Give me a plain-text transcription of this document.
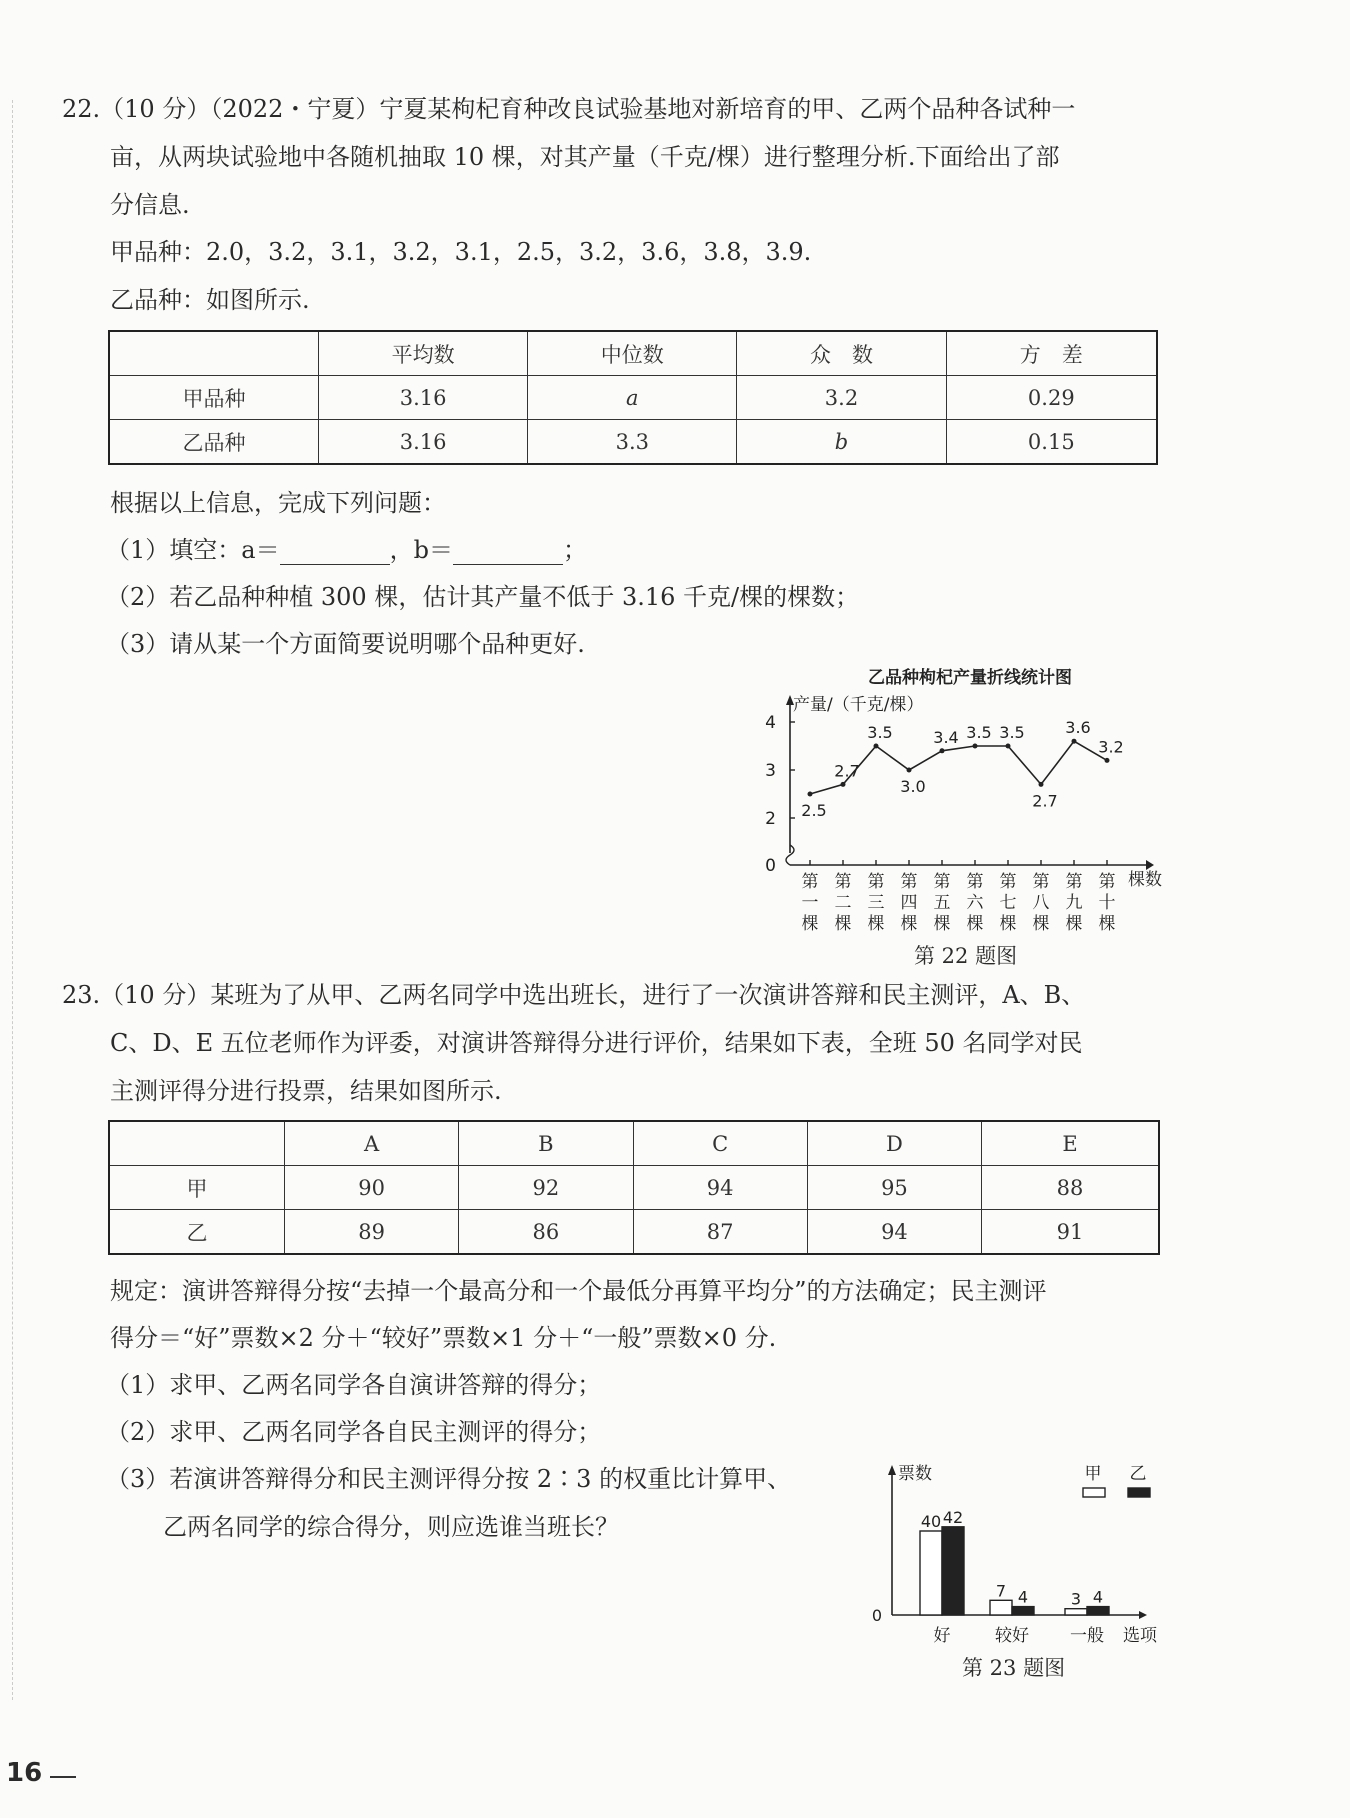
22.（10 分）（2022・宁夏）宁夏某枸杞育种改良试验基地对新培育的甲、乙两个品种各试种一
亩，从两块试验地中各随机抽取 10 棵，对其产量（千克/棵）进行整理分析.下面给出了部
分信息.
甲品种：2.0，3.2，3.1，3.2，3.1，2.5，3.2，3.6，3.8，3.9.
乙品种：如图所示.
	平均数	中位数	众　数	方　差
甲品种	3.16	a	3.2	0.29
乙品种	3.16	3.3	b	0.15
根据以上信息，完成下列问题：
（1）填空：a＝	，b＝	；
（2）若乙品种种植 300 棵，估计其产量不低于 3.16 千克/棵的棵数；
（3）请从某一个方面简要说明哪个品种更好.
乙品种枸杞产量折线统计图
产量/（千克/棵）
棵数
0
2
3
4
2.5
第
一
棵
2.7
第
二
棵
3.5
第
三
棵
3.0
第
四
棵
3.4
第
五
棵
3.5
第
六
棵
3.5
第
七
棵
2.7
第
八
棵
3.6
第
九
棵
3.2
第
十
棵
第 22 题图
23.（10 分）某班为了从甲、乙两名同学中选出班长，进行了一次演讲答辩和民主测评，A、B、
C、D、E 五位老师作为评委，对演讲答辩得分进行评价，结果如下表，全班 50 名同学对民
主测评得分进行投票，结果如图所示.
	A	B	C	D	E
甲	90	92	94	95	88
乙	89	86	87	94	91
规定：演讲答辩得分按“去掉一个最高分和一个最低分再算平均分”的方法确定；民主测评
得分＝“好”票数×2 分＋“较好”票数×1 分＋“一般”票数×0 分.
（1）求甲、乙两名同学各自演讲答辩的得分；
（2）求甲、乙两名同学各自民主测评的得分；
（3）若演讲答辩得分和民主测评得分按 2∶3 的权重比计算甲、
乙两名同学的综合得分，则应选谁当班长？
票数
选项
0
甲 乙
40 42
好
7 4
较好
3 4
一般
第 23 题图
16
